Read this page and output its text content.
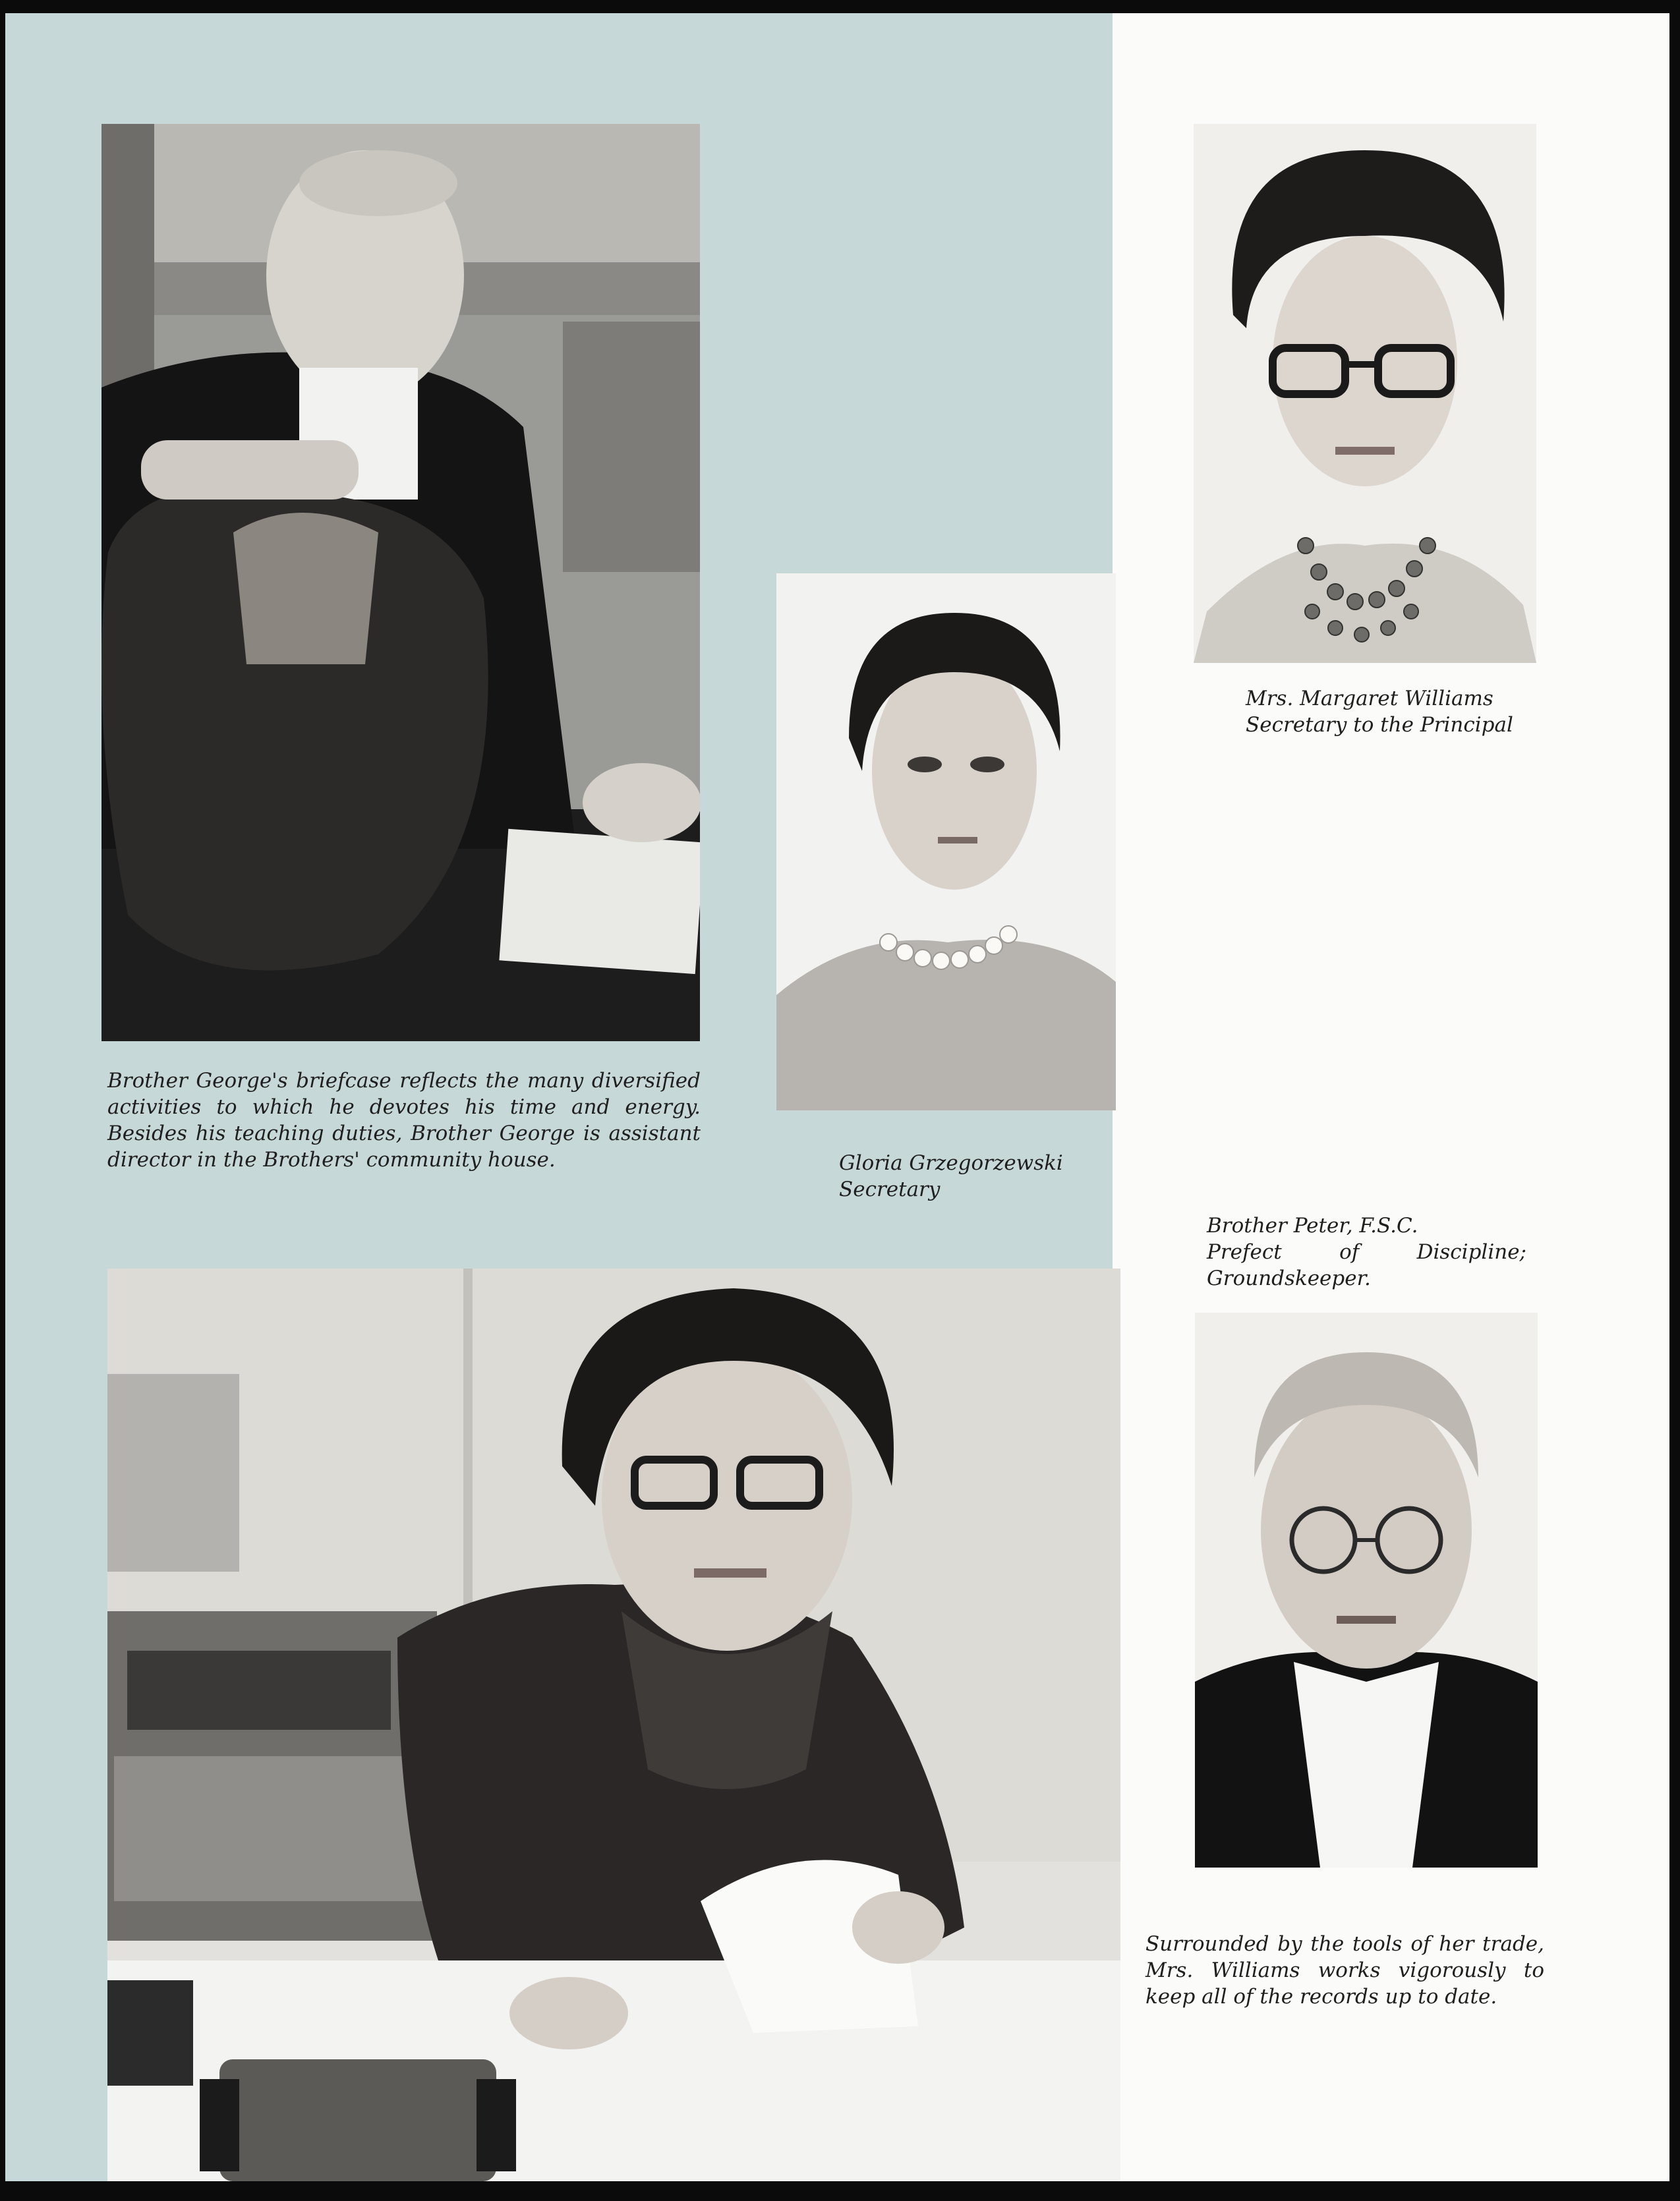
Brother George's briefcase reflects the many diversified activities to which he devotes his time and energy. Besides his teaching duties, Brother George is assistant director in the Brothers' community house.	Gloria Grzegorzewski

Secretary

Mrs. Margaret Williams

Secretary to the Principal

Brother Peter, F.S.C.

Prefect of Discipline; Groundskeeper.

Surrounded by the tools of her trade, Mrs. Williams works vigorously to keep all of the records up to date.
